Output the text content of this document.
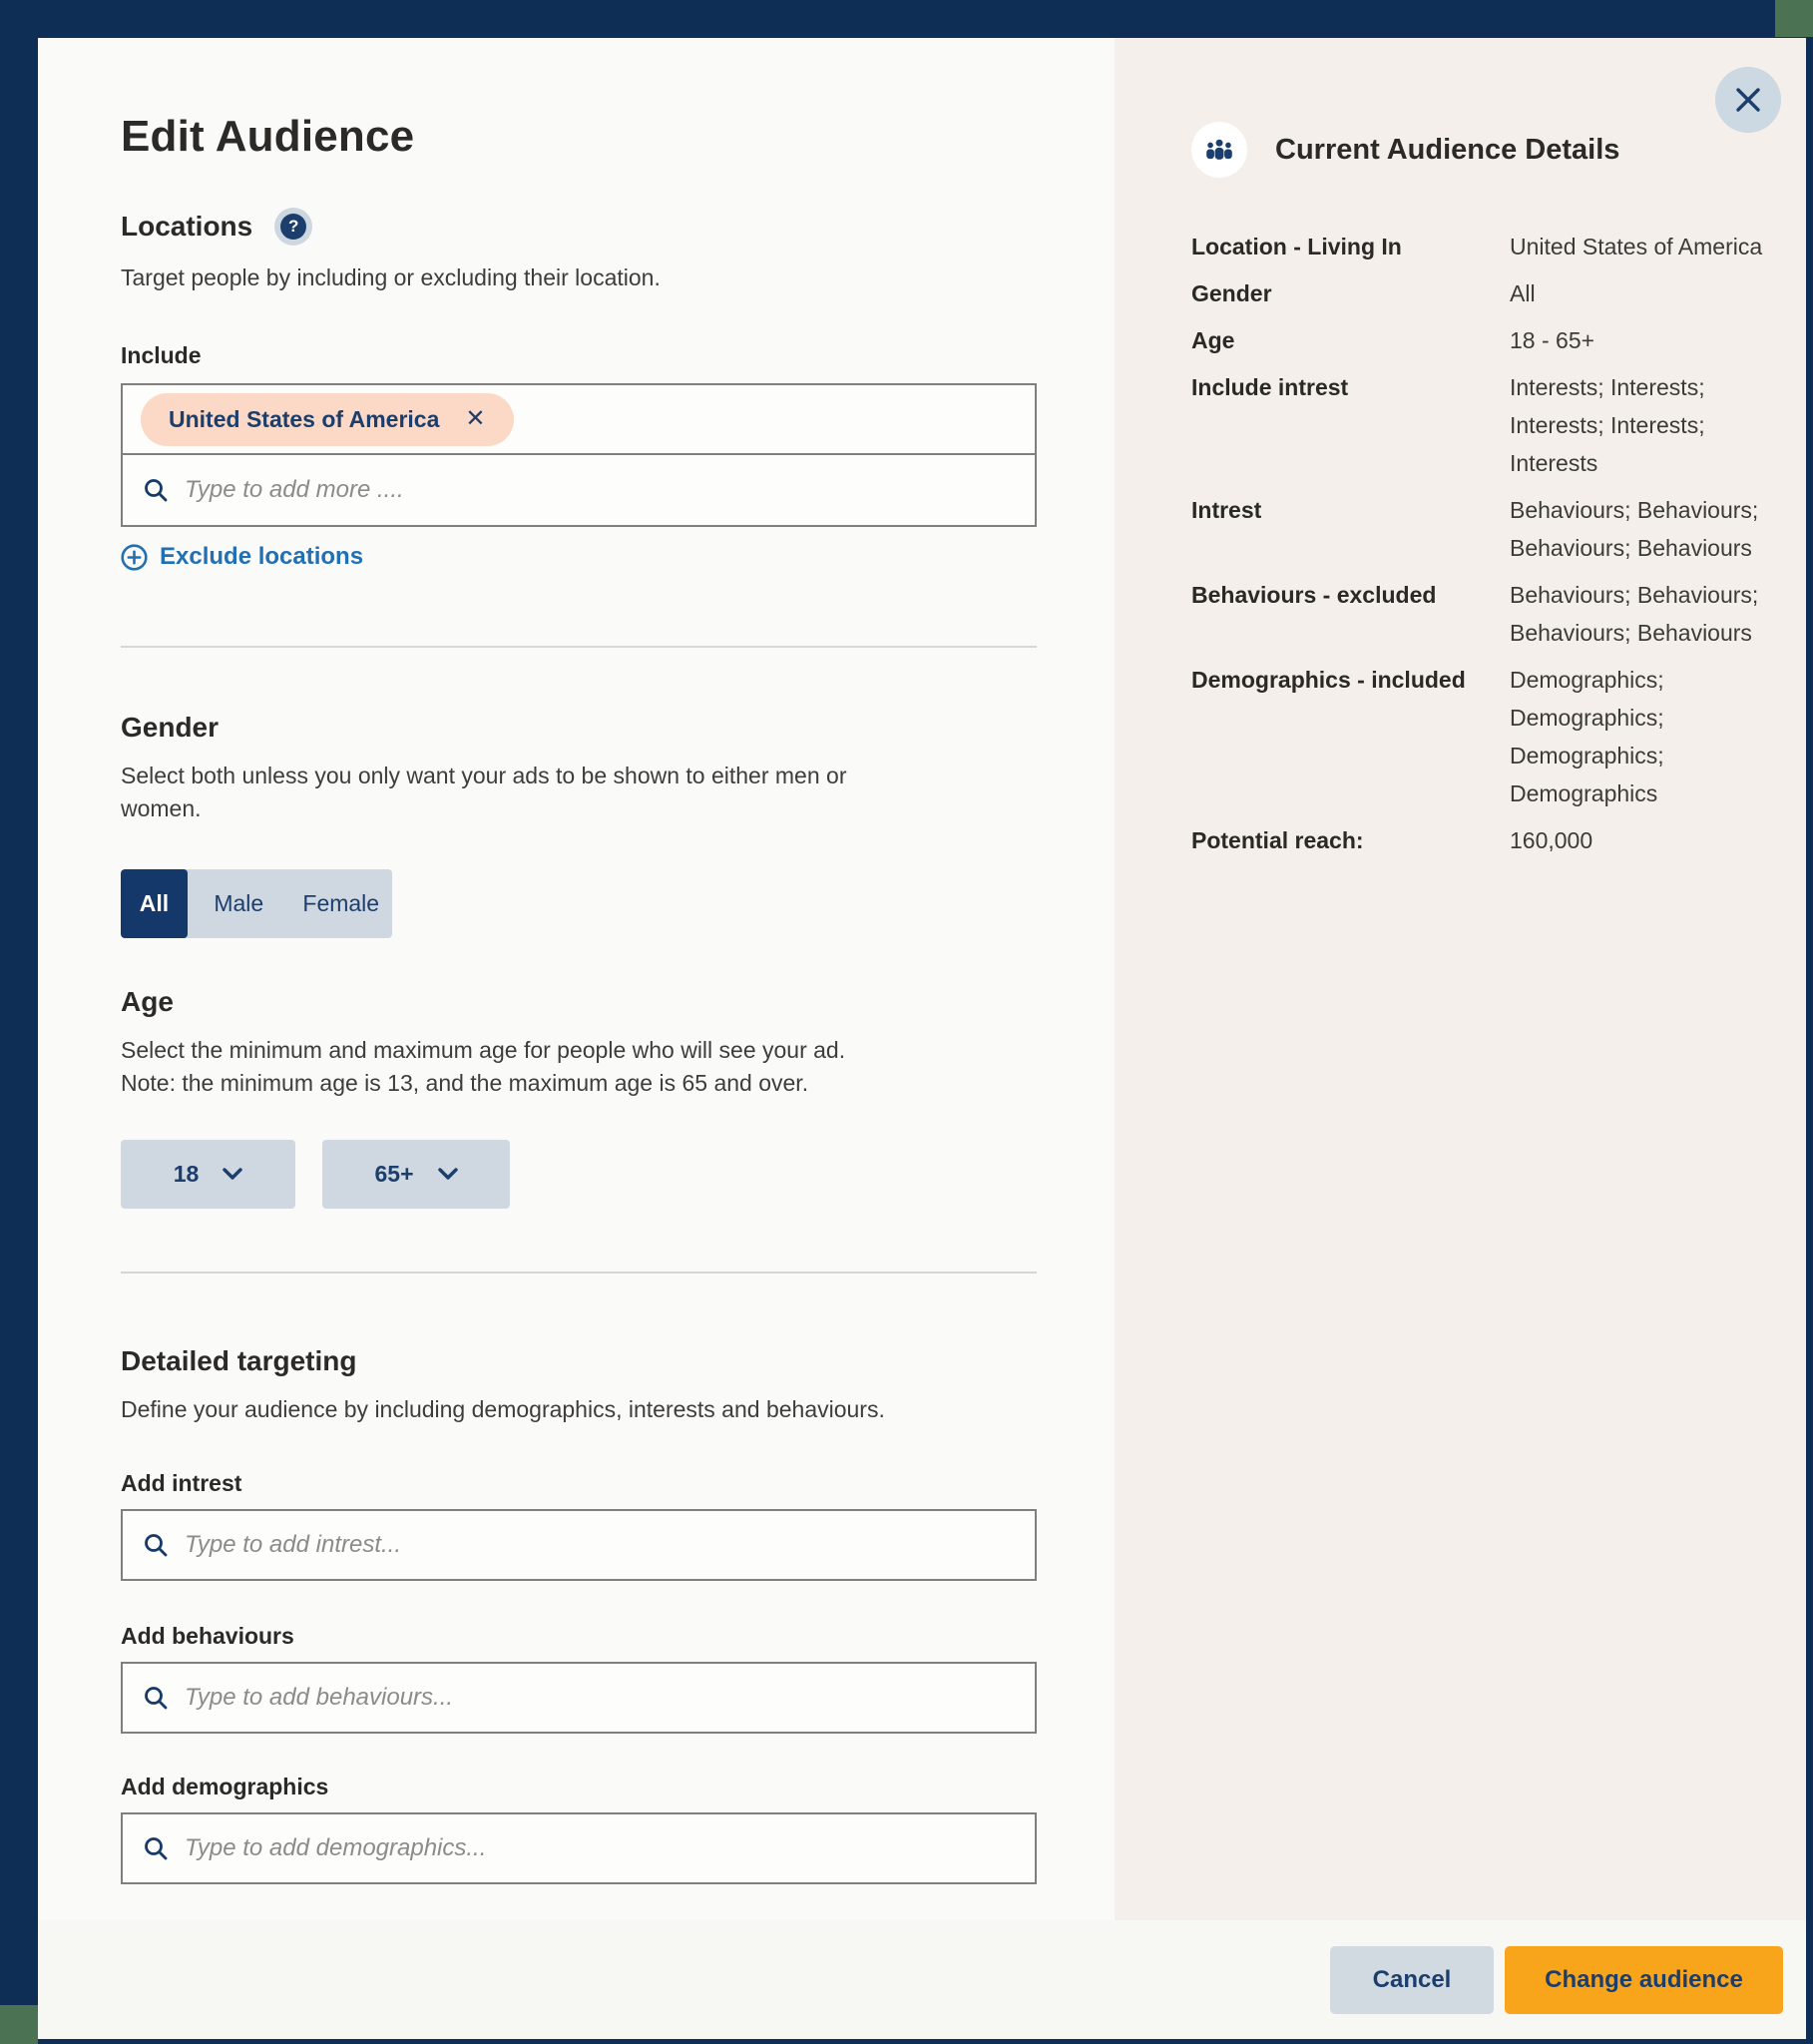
Edit Audience
Locations	?

Target people by including or excluding their location.

Include
United States of America ✕
Type to add more ....
Exclude locations
Gender

Select both unless you only want your ads to be shown to either men or women.

All Male Female
Age

Select the minimum and maximum age for people who will see your ad.
Note: the minimum age is 13, and the maximum age is 65 and over.

18	65+
Detailed targeting

Define your audience by including demographics, interests and behaviours.

Add intrest
Type to add intrest...
Add behaviours
Type to add behaviours...
Add demographics
Type to add demographics...
Current Audience Details
Location - Living In	United States of America
Gender	All
Age	18 - 65+
Include intrest	Interests; Interests; Interests; Interests; Interests
Intrest	Behaviours; Behaviours; Behaviours; Behaviours
Behaviours - excluded	Behaviours; Behaviours; Behaviours; Behaviours
Demographics - included	Demographics; Demographics; Demographics; Demographics
Potential reach:	160,000
Cancel	Change audience
